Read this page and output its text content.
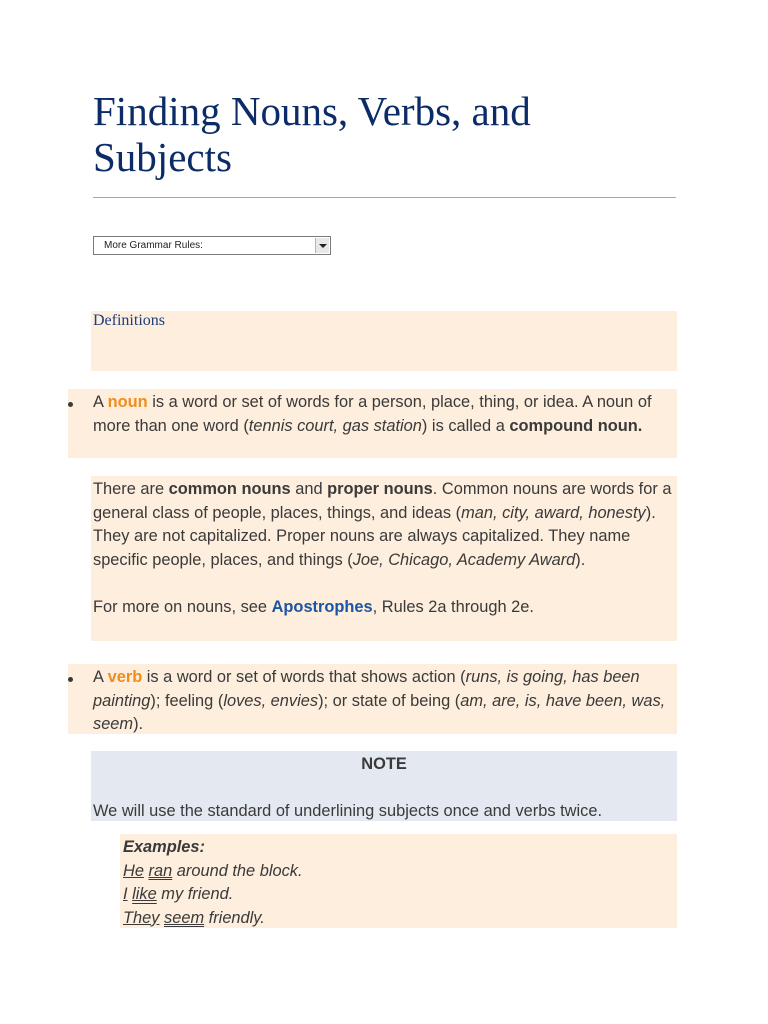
Finding Nouns, Verbs, and Subjects
More Grammar Rules:
Definitions
A noun is a word or set of words for a person, place, thing, or idea. A noun of more than one word (tennis court, gas station) is called a compound noun.

There are common nouns and proper nouns. Common nouns are words for a general class of people, places, things, and ideas (man, city, award, honesty). They are not capitalized. Proper nouns are always capitalized. They name specific people, places, and things (Joe, Chicago, Academy Award).

For more on nouns, see Apostrophes, Rules 2a through 2e.

A verb is a word or set of words that shows action (runs, is going, has been painting); feeling (loves, envies); or state of being (am, are, is, have been, was, seem).

NOTE

We will use the standard of underlining subjects once and verbs twice.

Examples:
He ran around the block.
I like my friend.
They seem friendly.
